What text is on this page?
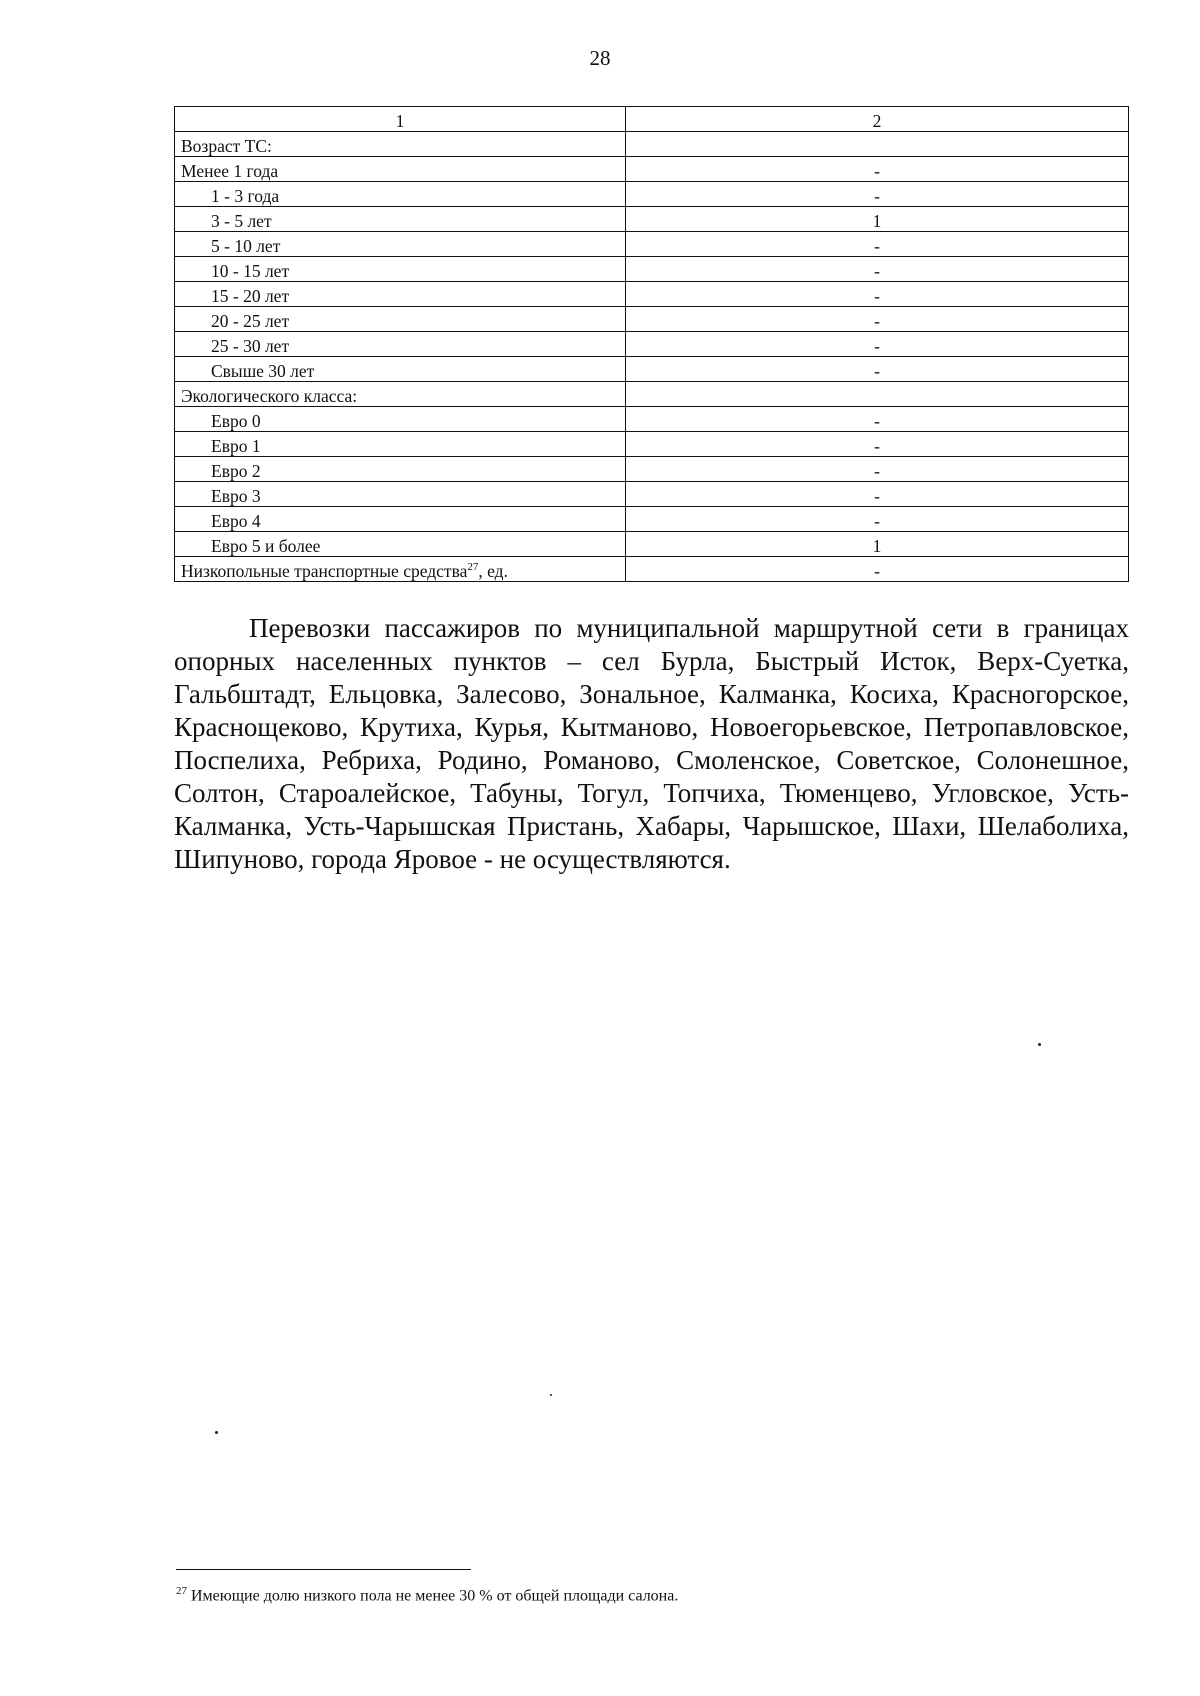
28
1	2
Возраст ТС:	
Менее 1 года	-
1 - 3 года	-
3 - 5 лет	1
5 - 10 лет	-
10 - 15 лет	-
15 - 20 лет	-
20 - 25 лет	-
25 - 30 лет	-
Свыше 30 лет	-
Экологического класса:	
Евро 0	-
Евро 1	-
Евро 2	-
Евро 3	-
Евро 4	-
Евро 5 и более	1
Низкопольные транспортные средства$^{27}$, ед.	-
Перевозки пассажиров по муниципальной маршрутной сети в границах опорных населенных пунктов – сел Бурла, Быстрый Исток, Верх-Суетка, Гальбштадт, Ельцовка, Залесово, Зональное, Калманка, Косиха, Красногорское, Краснощеково, Крутиха, Курья, Кытманово, Новоегорьевское, Петропавловское, Поспелиха, Ребриха, Родино, Романово, Смоленское, Советское, Солонешное, Солтон, Староалейское, Табуны, Тогул, Топчиха, Тюменцево, Угловское, Усть-Калманка, Усть-Чарышская Пристань, Хабары, Чарышское, Шахи, Шелаболиха, Шипуново, города Яровое - не осуществляются.
$^{27}$ Имеющие долю низкого пола не менее 30 % от общей площади салона.
